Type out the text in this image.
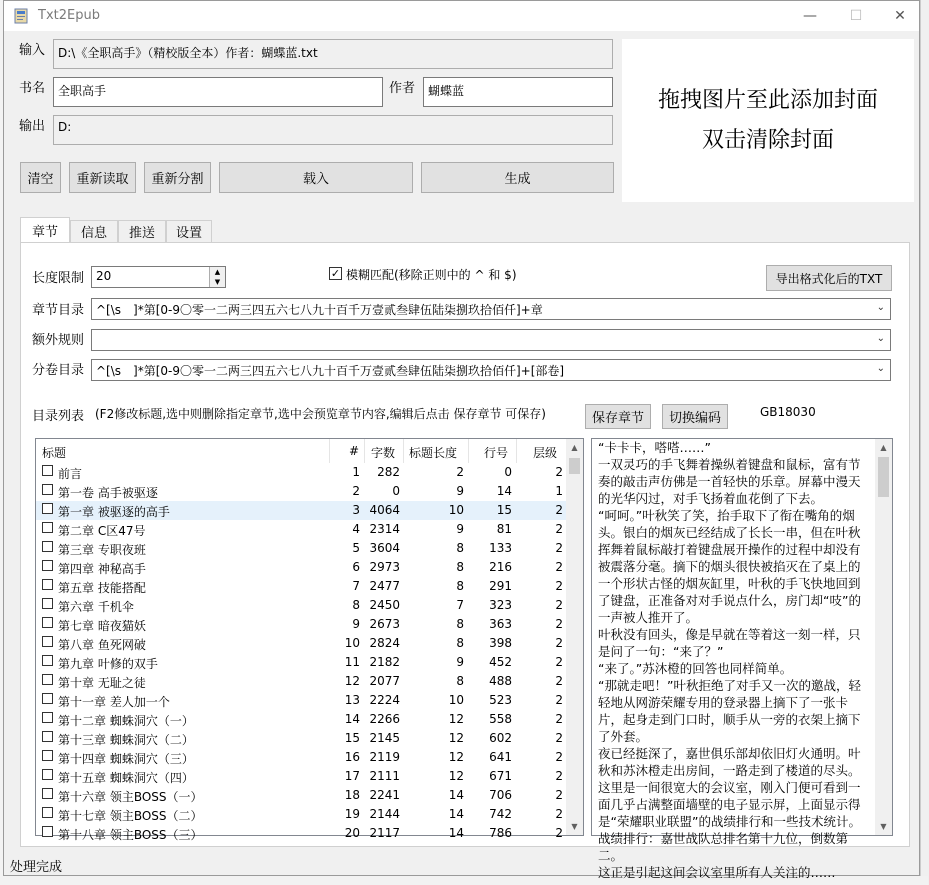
Txt2Epub	—	☐	✕
输入	D:\《全职高手》（精校版全本）作者：蝴蝶蓝.txt
书名	全职高手	作者	蝴蝶蓝
输出	D:
拖拽图片至此添加封面
双击清除封面
清空	重新读取	重新分割	载入	生成
章节	信息	推送	设置
长度限制 20	▲
▼
✓ 模糊匹配(移除正则中的 ^ 和 $)	导出格式化后的TXT
章节目录 ^[\s　]*第[0-9〇零一二两三四五六七八九十百千万壹贰叁肆伍陆柒捌玖拾佰仟]+章	⌄
额外规则	⌄
分卷目录 ^[\s　]*第[0-9〇零一二两三四五六七八九十百千万壹贰叁肆伍陆柒捌玖拾佰仟]+[部卷]	⌄
目录列表 (F2修改标题,选中则删除指定章节,选中会预览章节内容,编辑后点击 保存章节 可保存)	保存章节	切换编码	GB18030
标题	# 字数 标题长度 行号 层级
前言	1	282	2	0	2
第一卷 高手被驱逐	2	0	9	14	1
第一章 被驱逐的高手	3 4064	10	15	2
第二章 C区47号	4 2314	9	81	2
第三章 专职夜班	5 3604	8	133	2
第四章 神秘高手	6 2973	8	216	2
第五章 技能搭配	7 2477	8	291	2
第六章 千机伞	8 2450	7	323	2
第七章 暗夜猫妖	9 2673	8	363	2
第八章 鱼死网破	10 2824	8	398	2
第九章 叶修的双手	11 2182	9	452	2
第十章 无耻之徒	12 2077	8	488	2
第十一章 差人加一个	13 2224	10	523	2
第十二章 蜘蛛洞穴（一）	14 2266	12	558	2
第十三章 蜘蛛洞穴（二）	15 2145	12	602	2
第十四章 蜘蛛洞穴（三）	16 2119	12	641	2
第十五章 蜘蛛洞穴（四）	17 2111	12	671	2
第十六章 领主BOSS（一）	18 2241	14	706	2
第十七章 领主BOSS（二）	19 2144	14	742	2
第十八章 领主BOSS（三）	20 2117	14	786	2
▲
▼
“卡卡卡，嗒嗒……”
一双灵巧的手飞舞着操纵着键盘和鼠标，富有节奏的敲击声仿佛是一首轻快的乐章。屏幕中漫天的光华闪过，对手飞扬着血花倒了下去。
“呵呵。”叶秋笑了笑，抬手取下了衔在嘴角的烟头。银白的烟灰已经结成了长长一串，但在叶秋挥舞着鼠标敲打着键盘展开操作的过程中却没有被震落分毫。摘下的烟头很快被掐灭在了桌上的一个形状古怪的烟灰缸里，叶秋的手飞快地回到了键盘，正准备对对手说点什么，房门却“吱”的一声被人推开了。
叶秋没有回头，像是早就在等着这一刻一样，只是问了一句：“来了？”
“来了。”苏沐橙的回答也同样简单。
“那就走吧！”叶秋拒绝了对手又一次的邀战，轻轻地从网游荣耀专用的登录器上摘下了一张卡片，起身走到门口时，顺手从一旁的衣架上摘下了外套。
夜已经挺深了，嘉世俱乐部却依旧灯火通明。叶秋和苏沐橙走出房间，一路走到了楼道的尽头。这里是一间很宽大的会议室，刚入门便可看到一面几乎占满整面墙壁的电子显示屏，上面显示得是“荣耀职业联盟”的战绩排行和一些技术统计。
战绩排行：嘉世战队总排名第十九位，倒数第二。
这正是引起这间会议室里所有人关注的……
▲
▼
处理完成
